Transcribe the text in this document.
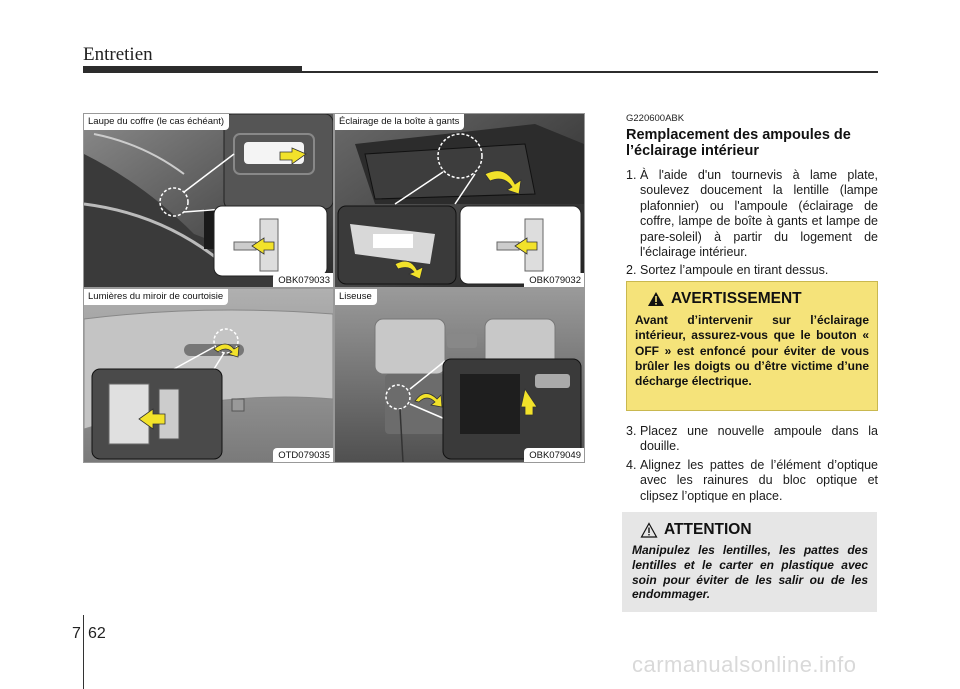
Entretien
Laupe du coffre (le cas échéant)
OBK079033
Éclairage de la boîte à gants
OBK079032
Lumières du miroir de courtoisie
OTD079035
Liseuse
OBK079049
G220600ABK
Remplacement des ampoules de l’éclairage intérieur
1. À l'aide d'un tournevis à lame plate, soulevez doucement la lentille (lampe plafonnier) ou l'ampoule (éclairage de coffre, lampe de boîte à gants et lampe de pare-soleil) à partir du logement de l'éclairage intérieur.
2. Sortez l’ampoule en tirant dessus.
AVERTISSEMENT
Avant d’intervenir sur l’éclairage intérieur, assurez-vous que le bouton « OFF » est enfoncé pour éviter de vous brûler les doigts ou d’être victime d’une décharge électrique.
3. Placez une nouvelle ampoule dans la douille.
4. Alignez les pattes de l’élément d’optique avec les rainures du bloc optique et clipsez l’optique en place.
ATTENTION
Manipulez les lentilles, les pattes des lentilles et le carter en plastique avec soin pour éviter de les salir ou de les endommager.
7 62
carmanualsonline.info
